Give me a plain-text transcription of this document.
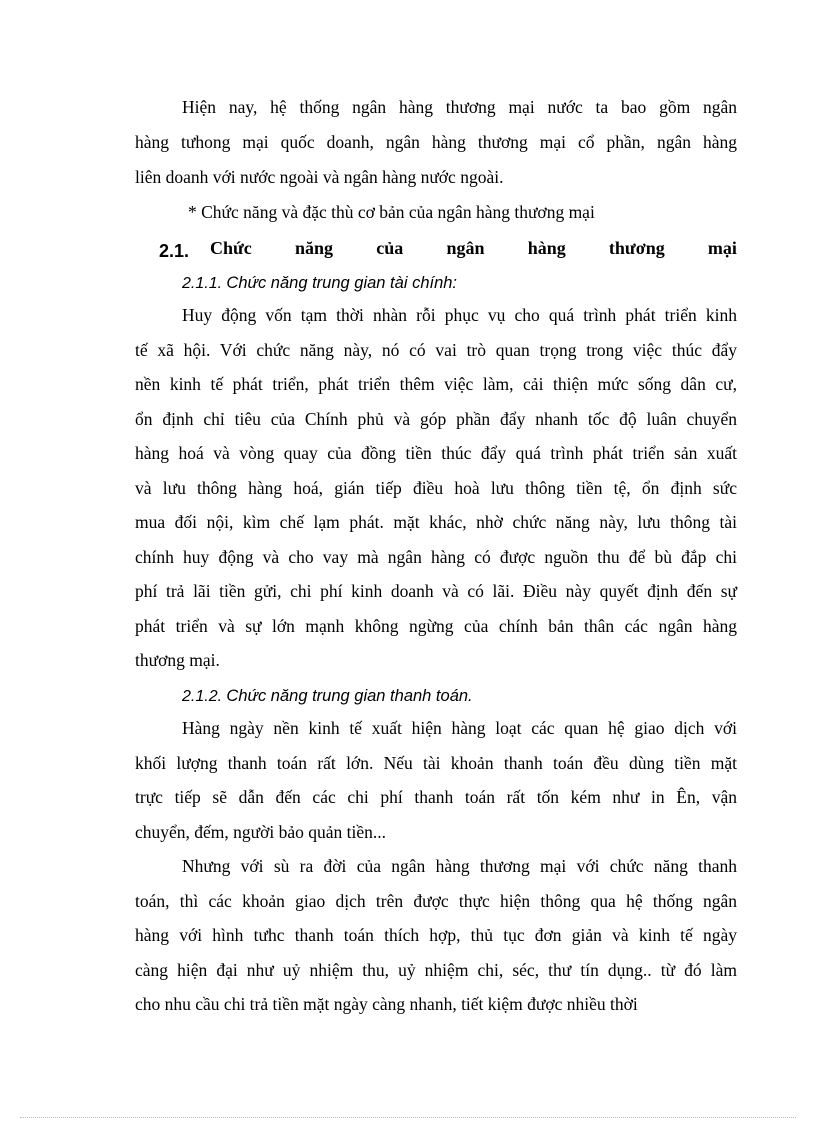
Hiện nay, hệ thống ngân hàng thương mại nước ta bao gồm ngân
hàng tưhong mại quốc doanh, ngân hàng thương mại cổ phần, ngân hàng
liên doanh với nước ngoài và ngân hàng nước ngoài.
* Chức năng và đặc thù cơ bản của ngân hàng thương mại
2.1. Chức năng của ngân hàng thương mại
2.1.1. Chức năng trung gian tài chính:
Huy động vốn tạm thời nhàn rỗi phục vụ cho quá trình phát triển kinh
tế xã hội. Với chức năng này, nó có vai trò quan trọng trong việc thúc đẩy
nền kinh tế phát triển, phát triển thêm việc làm, cải thiện mức sống dân cư,
ổn định chỉ tiêu của Chính phủ và góp phần đẩy nhanh tốc độ luân chuyển
hàng hoá và vòng quay của đồng tiền thúc đẩy quá trình phát triển sản xuất
và lưu thông hàng hoá, gián tiếp điều hoà lưu thông tiền tệ, ổn định sức
mua đối nội, kìm chế lạm phát. mặt khác, nhờ chức năng này, lưu thông tài
chính huy động và cho vay mà ngân hàng có được nguồn thu để bù đắp chi
phí trả lãi tiền gửi, chi phí kinh doanh và có lãi. Điều này quyết định đến sự
phát triển và sự lớn mạnh không ngừng của chính bản thân các ngân hàng
thương mại.
2.1.2. Chức năng trung gian thanh toán.
Hàng ngày nền kinh tế xuất hiện hàng loạt các quan hệ giao dịch với
khối lượng thanh toán rất lớn. Nếu tài khoản thanh toán đều dùng tiền mặt
trực tiếp sẽ dẫn đến các chi phí thanh toán rất tốn kém như in Ên, vận
chuyển, đếm, người bảo quản tiền...
Nhưng với sù ra đời của ngân hàng thương mại với chức năng thanh
toán, thì các khoản giao dịch trên được thực hiện thông qua hệ thống ngân
hàng với hình tưhc thanh toán thích hợp, thủ tục đơn giản và kinh tế ngày
càng hiện đại như uỷ nhiệm thu, uỷ nhiệm chi, séc, thư tín dụng.. từ đó làm
cho nhu cầu chi trả tiền mặt ngày càng nhanh, tiết kiệm được nhiều thời
